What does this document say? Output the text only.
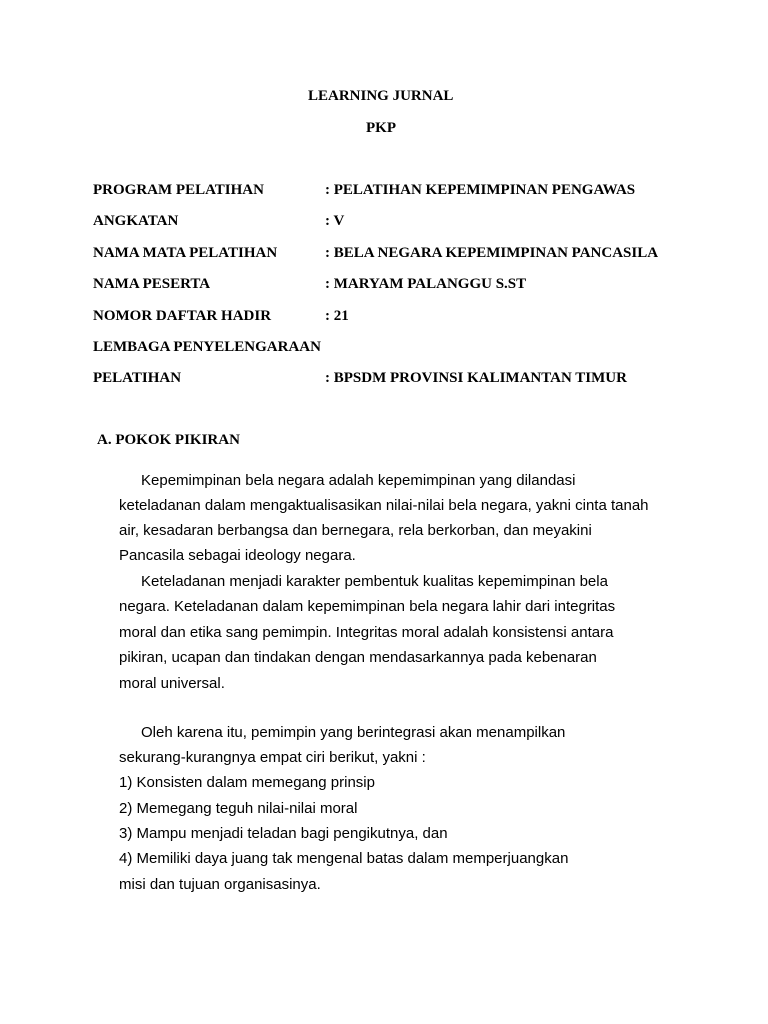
LEARNING JURNAL
PKP
PROGRAM PELATIHAN	: PELATIHAN KEPEMIMPINAN PENGAWAS
ANGKATAN	: V
NAMA MATA PELATIHAN	: BELA NEGARA KEPEMIMPINAN PANCASILA
NAMA PESERTA	: MARYAM PALANGGU S.ST
NOMOR DAFTAR HADIR	: 21
LEMBAGA PENYELENGARAAN
PELATIHAN	: BPSDM PROVINSI KALIMANTAN TIMUR
A. POKOK PIKIRAN
Kepemimpinan bela negara adalah kepemimpinan yang dilandasi
keteladanan dalam mengaktualisasikan nilai-nilai bela negara, yakni cinta tanah
air, kesadaran berbangsa dan bernegara, rela berkorban, dan meyakini
Pancasila sebagai ideology negara.
Keteladanan menjadi karakter pembentuk kualitas kepemimpinan bela
negara. Keteladanan dalam kepemimpinan bela negara lahir dari integritas
moral dan etika sang pemimpin. Integritas moral adalah konsistensi antara
pikiran, ucapan dan tindakan dengan mendasarkannya pada kebenaran
moral universal.
Oleh karena itu, pemimpin yang berintegrasi akan menampilkan
sekurang-kurangnya empat ciri berikut, yakni :
1) Konsisten dalam memegang prinsip
2) Memegang teguh nilai-nilai moral
3) Mampu menjadi teladan bagi pengikutnya, dan
4) Memiliki daya juang tak mengenal batas dalam memperjuangkan
misi dan tujuan organisasinya.
